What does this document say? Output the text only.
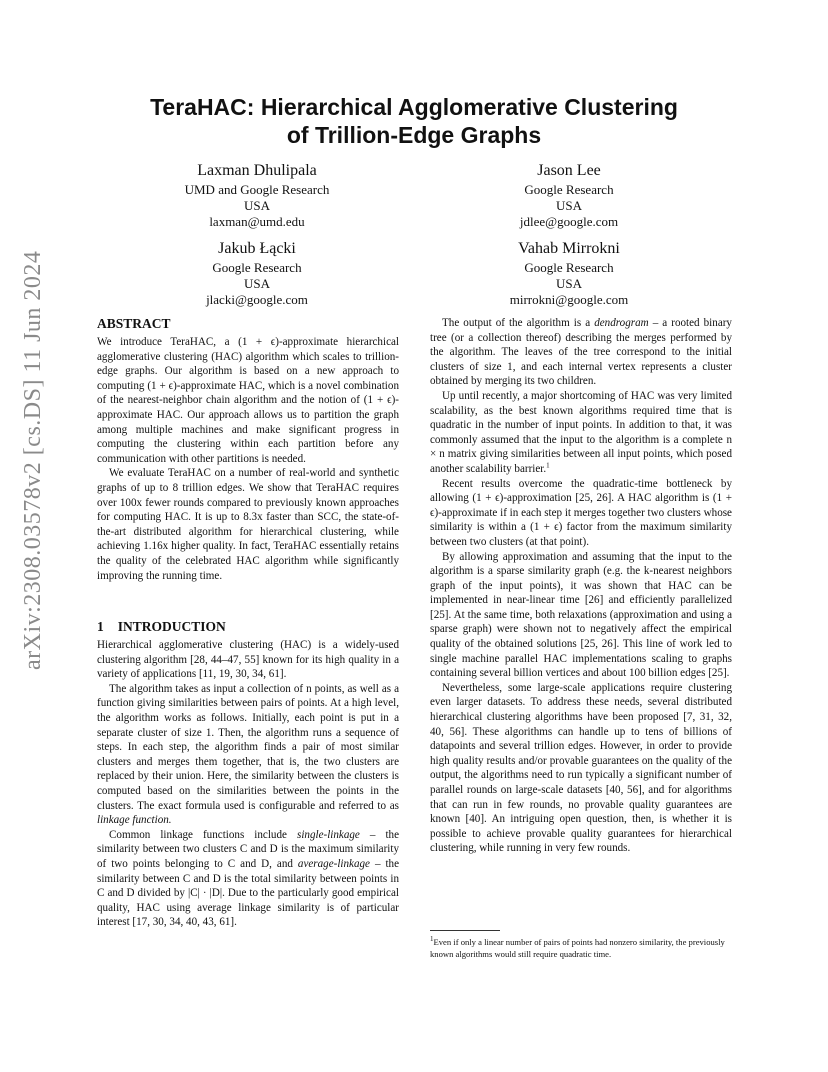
arXiv:2308.03578v2 [cs.DS] 11 Jun 2024
TeraHAC: Hierarchical Agglomerative Clustering
of Trillion-Edge Graphs
Laxman Dhulipala
UMD and Google Research
USA
laxman@umd.edu
Jason Lee
Google Research
USA
jdlee@google.com
Jakub Łącki
Google Research
USA
jlacki@google.com
Vahab Mirrokni
Google Research
USA
mirrokni@google.com
ABSTRACT

We introduce TeraHAC, a (1 + ϵ)-approximate hierarchical agglomerative clustering (HAC) algorithm which scales to trillion-edge graphs. Our algorithm is based on a new approach to computing (1 + ϵ)-approximate HAC, which is a novel combination of the nearest-neighbor chain algorithm and the notion of (1 + ϵ)-approximate HAC. Our approach allows us to partition the graph among multiple machines and make significant progress in computing the clustering within each partition before any communication with other partitions is needed.

We evaluate TeraHAC on a number of real-world and synthetic graphs of up to 8 trillion edges. We show that TeraHAC requires over 100x fewer rounds compared to previously known approaches for computing HAC. It is up to 8.3x faster than SCC, the state-of-the-art distributed algorithm for hierarchical clustering, while achieving 1.16x higher quality. In fact, TeraHAC essentially retains the quality of the celebrated HAC algorithm while significantly improving the running time.

1 INTRODUCTION

Hierarchical agglomerative clustering (HAC) is a widely-used clustering algorithm [28, 44–47, 55] known for its high quality in a variety of applications [11, 19, 30, 34, 61].

The algorithm takes as input a collection of n points, as well as a function giving similarities between pairs of points. At a high level, the algorithm works as follows. Initially, each point is put in a separate cluster of size 1. Then, the algorithm runs a sequence of steps. In each step, the algorithm finds a pair of most similar clusters and merges them together, that is, the two clusters are replaced by their union. Here, the similarity between the clusters is computed based on the similarities between the points in the clusters. The exact formula used is configurable and referred to as linkage function.

Common linkage functions include single-linkage – the similarity between two clusters C and D is the maximum similarity of two points belonging to C and D, and average-linkage – the similarity between C and D is the total similarity between points in C and D divided by |C| · |D|. Due to the particularly good empirical quality, HAC using average linkage similarity is of particular interest [17, 30, 34, 40, 43, 61].

The output of the algorithm is a dendrogram – a rooted binary tree (or a collection thereof) describing the merges performed by the algorithm. The leaves of the tree correspond to the initial clusters of size 1, and each internal vertex represents a cluster obtained by merging its two children.

Up until recently, a major shortcoming of HAC was very limited scalability, as the best known algorithms required time that is quadratic in the number of input points. In addition to that, it was commonly assumed that the input to the algorithm is a complete n × n matrix giving similarities between all input points, which posed another scalability barrier.$^1$

Recent results overcome the quadratic-time bottleneck by allowing (1 + ϵ)-approximation [25, 26]. A HAC algorithm is (1 + ϵ)-approximate if in each step it merges together two clusters whose similarity is within a (1 + ϵ) factor from the maximum similarity between two clusters (at that point).

By allowing approximation and assuming that the input to the algorithm is a sparse similarity graph (e.g. the k-nearest neighbors graph of the input points), it was shown that HAC can be implemented in near-linear time [26] and efficiently parallelized [25]. At the same time, both relaxations (approximation and using a sparse graph) were shown not to negatively affect the empirical quality of the obtained solutions [25, 26]. This line of work led to single machine parallel HAC implementations scaling to graphs containing several billion vertices and about 100 billion edges [25].

Nevertheless, some large-scale applications require clustering even larger datasets. To address these needs, several distributed hierarchical clustering algorithms have been proposed [7, 31, 32, 40, 56]. These algorithms can handle up to tens of billions of datapoints and several trillion edges. However, in order to provide high quality results and/or provable guarantees on the quality of the output, the algorithms need to run typically a significant number of parallel rounds on large-scale datasets [40, 56], and for algorithms that can run in few rounds, no provable quality guarantees are known [40]. An intriguing open question, then, is whether it is possible to achieve provable quality guarantees for hierarchical clustering, while running in very few rounds.

$^1$Even if only a linear number of pairs of points had nonzero similarity, the previously known algorithms would still require quadratic time.
